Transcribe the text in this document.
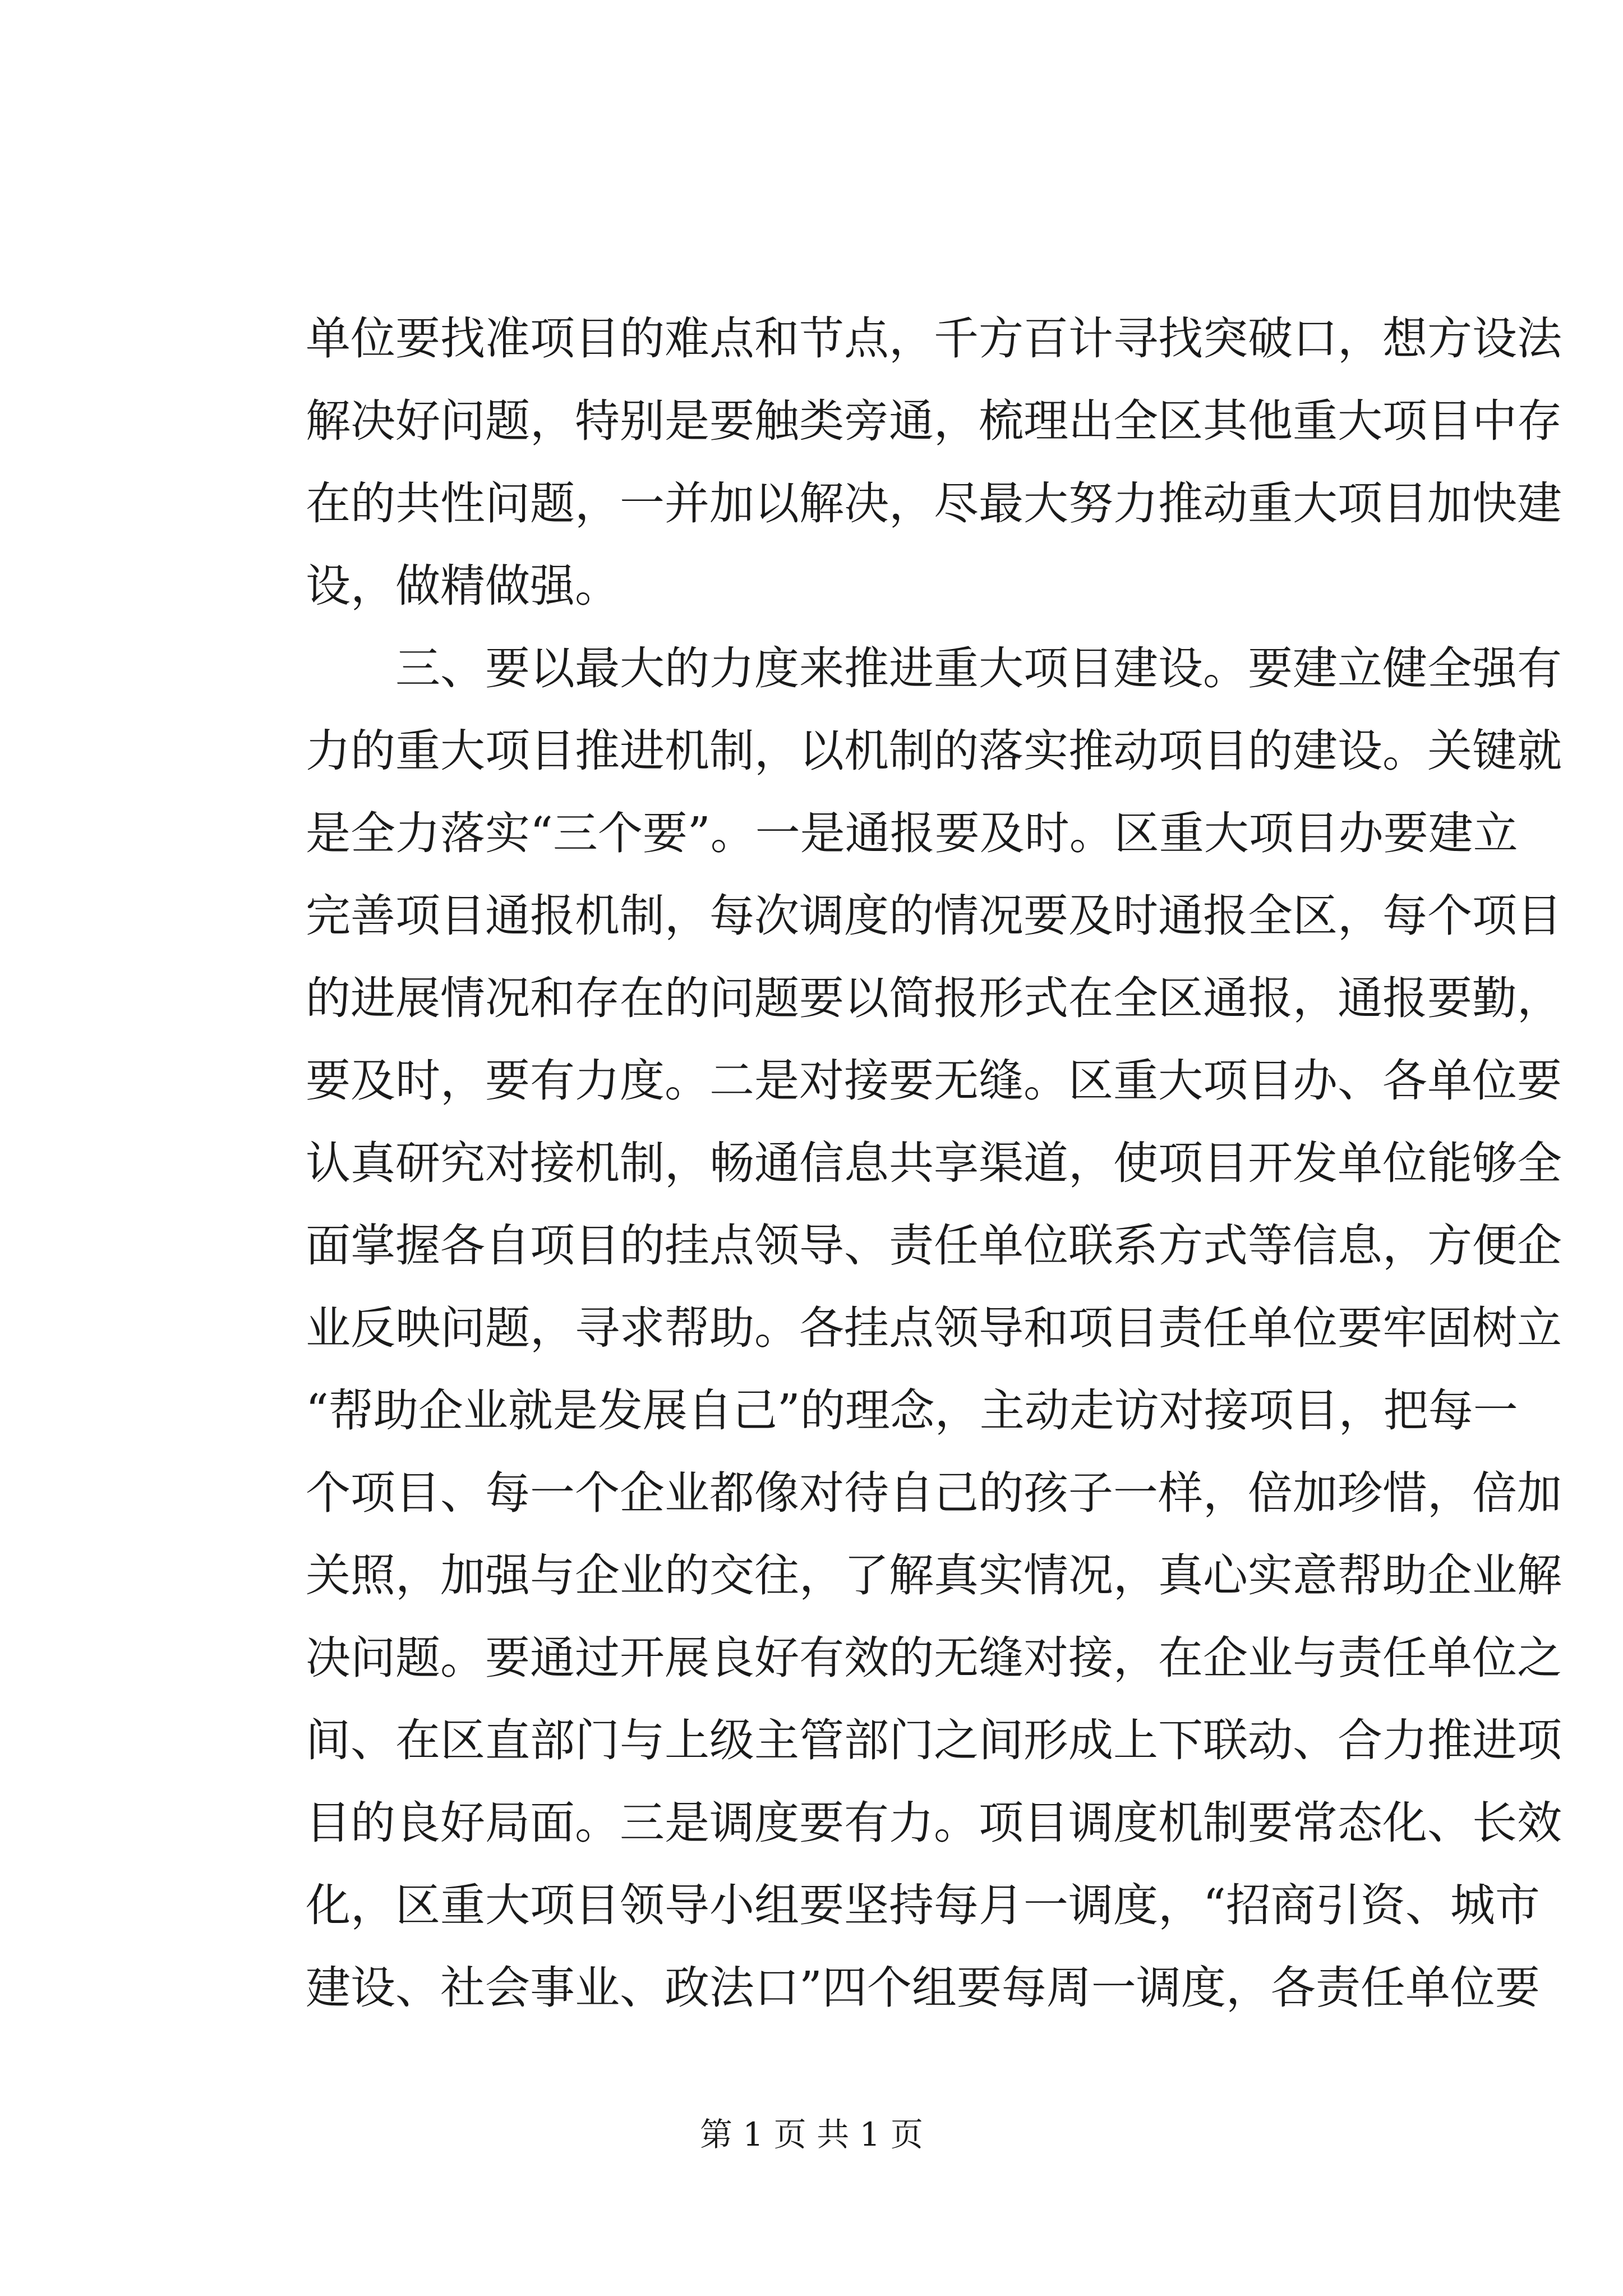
单位要找准项目的难点和节点，千方百计寻找突破口，想方设法
解决好问题，特别是要触类旁通，梳理出全区其他重大项目中存
在的共性问题，一并加以解决，尽最大努力推动重大项目加快建
设，做精做强。
三、要以最大的力度来推进重大项目建设。要建立健全强有
力的重大项目推进机制，以机制的落实推动项目的建设。关键就
是全力落实“三个要”。一是通报要及时。区重大项目办要建立
完善项目通报机制，每次调度的情况要及时通报全区，每个项目
的进展情况和存在的问题要以简报形式在全区通报，通报要勤，
要及时，要有力度。二是对接要无缝。区重大项目办、各单位要
认真研究对接机制，畅通信息共享渠道，使项目开发单位能够全
面掌握各自项目的挂点领导、责任单位联系方式等信息，方便企
业反映问题，寻求帮助。各挂点领导和项目责任单位要牢固树立
“帮助企业就是发展自己”的理念，主动走访对接项目，把每一
个项目、每一个企业都像对待自己的孩子一样，倍加珍惜，倍加
关照，加强与企业的交往，了解真实情况，真心实意帮助企业解
决问题。要通过开展良好有效的无缝对接，在企业与责任单位之
间、在区直部门与上级主管部门之间形成上下联动、合力推进项
目的良好局面。三是调度要有力。项目调度机制要常态化、长效
化，区重大项目领导小组要坚持每月一调度，“招商引资、城市
建设、社会事业、政法口”四个组要每周一调度，各责任单位要
第 1 页 共 1 页
